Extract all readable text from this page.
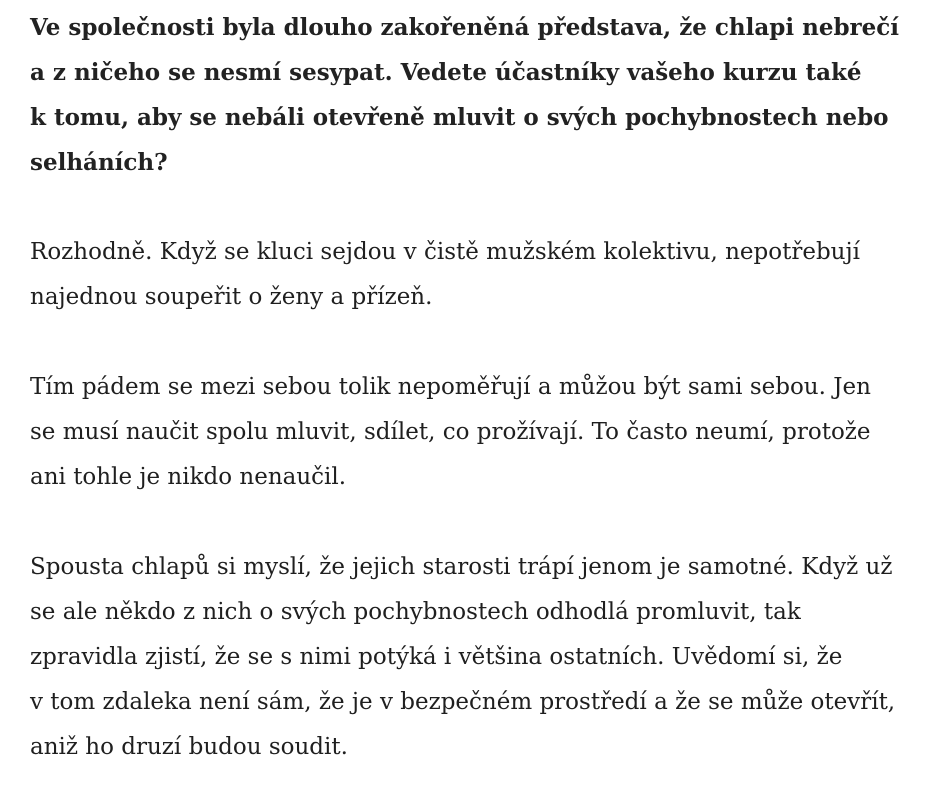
Ve společnosti byla dlouho zakořeněná představa, že chlapi nebrečí
a z ničeho se nesmí sesypat. Vedete účastníky vašeho kurzu také
k tomu, aby se nebáli otevřeně mluvit o svých pochybnostech nebo
selháních?

Rozhodně. Když se kluci sejdou v čistě mužském kolektivu, nepotřebují
najednou soupeřit o ženy a přízeň.

Tím pádem se mezi sebou tolik nepoměřují a můžou být sami sebou. Jen
se musí naučit spolu mluvit, sdílet, co prožívají. To často neumí, protože
ani tohle je nikdo nenaučil.

Spousta chlapů si myslí, že jejich starosti trápí jenom je samotné. Když už
se ale někdo z nich o svých pochybnostech odhodlá promluvit, tak
zpravidla zjistí, že se s nimi potýká i většina ostatních. Uvědomí si, že
v tom zdaleka není sám, že je v bezpečném prostředí a že se může otevřít,
aniž ho druzí budou soudit.
